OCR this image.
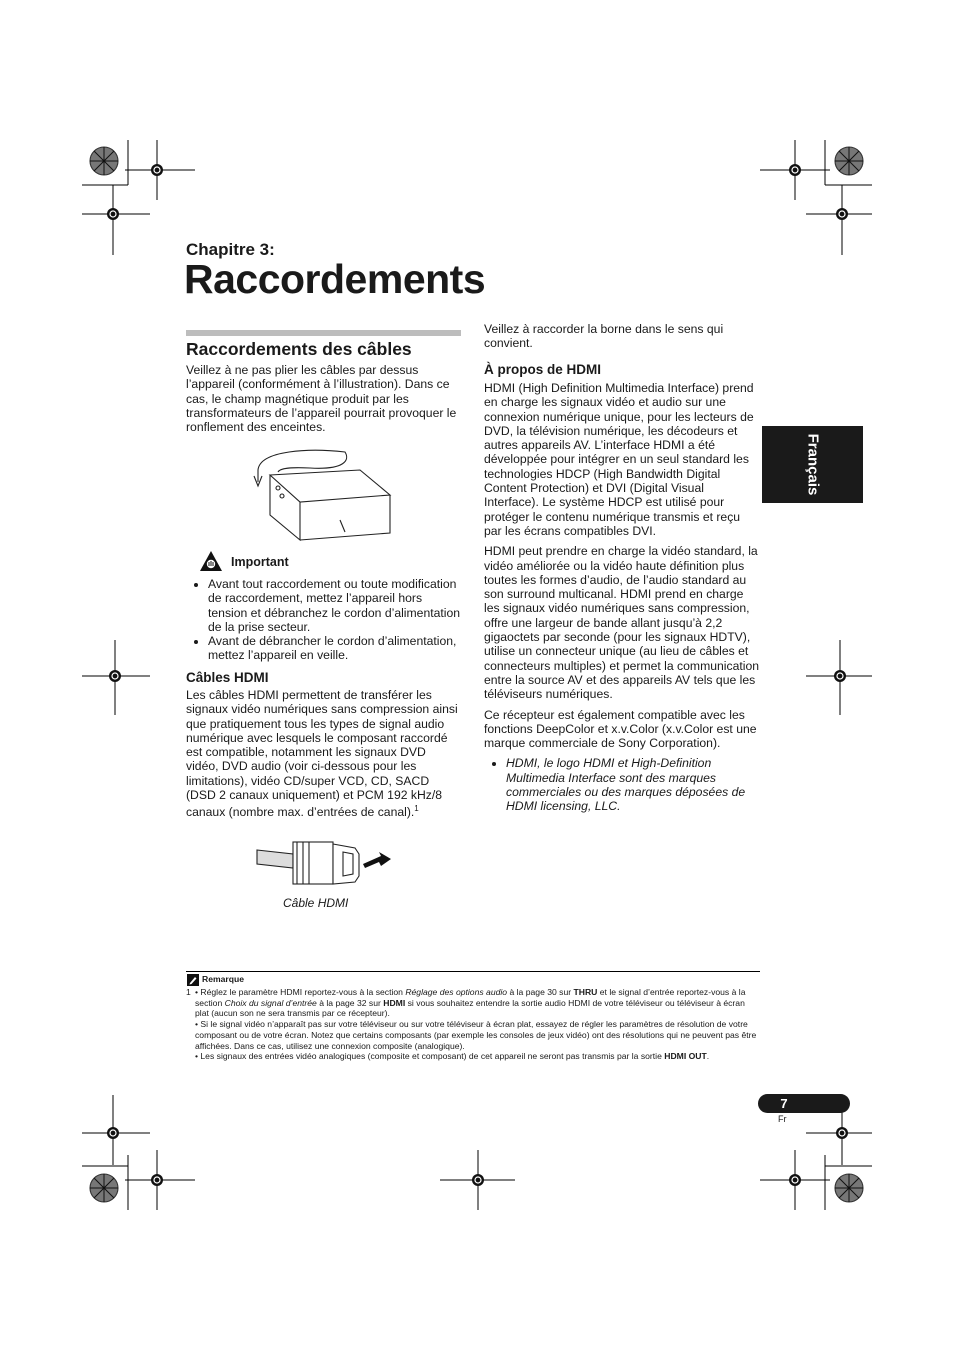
Chapitre 3:
Raccordements
Français
Raccordements des câbles

Veillez à ne pas plier les câbles par dessus l’appareil (conformément à l’illustration). Dans ce cas, le champ magnétique produit par les transformateurs de l’appareil pourrait provoquer le ronflement des enceintes.

Important
• Avant tout raccordement ou toute modification de raccordement, mettez l’appareil hors tension et débranchez le cordon d’alimentation de la prise secteur.
• Avant de débrancher le cordon d’alimentation, mettez l’appareil en veille.
Câbles HDMI
Les câbles HDMI permettent de transférer les signaux vidéo numériques sans compression ainsi que pratiquement tous les types de signal audio numérique avec lesquels le composant raccordé est compatible, notamment les signaux DVD vidéo, DVD audio (voir ci-dessous pour les limitations), vidéo CD/super VCD, CD, SACD (DSD 2 canaux uniquement) et PCM 192 kHz/8 canaux (nombre max. d’entrées de canal).$^1$
Câble HDMI

Veillez à raccorder la borne dans le sens qui convient.

À propos de HDMI

HDMI (High Definition Multimedia Interface) prend en charge les signaux vidéo et audio sur une connexion numérique unique, pour les lecteurs de DVD, la télévision numérique, les décodeurs et autres appareils AV. L’interface HDMI a été développée pour intégrer en un seul standard les technologies HDCP (High Bandwidth Digital Content Protection) et DVI (Digital Visual Interface). Le système HDCP est utilisé pour protéger le contenu numérique transmis et reçu par les écrans compatibles DVI.

HDMI peut prendre en charge la vidéo standard, la vidéo améliorée ou la vidéo haute définition plus toutes les formes d’audio, de l’audio standard au son surround multicanal. HDMI prend en charge les signaux vidéo numériques sans compression, offre une largeur de bande allant jusqu’à 2,2 gigaoctets par seconde (pour les signaux HDTV), utilise un connecteur unique (au lieu de câbles et connecteurs multiples) et permet la communication entre la source AV et des appareils AV tels que les téléviseurs numériques.

Ce récepteur est également compatible avec les fonctions DeepColor et x.v.Color (x.v.Color est une marque commerciale de Sony Corporation).

• HDMI, le logo HDMI et High-Definition Multimedia Interface sont des marques commerciales ou des marques déposées de HDMI licensing, LLC.
Remarque
1 • Réglez le paramètre HDMI reportez-vous à la section Réglage des options audio à la page 30 sur THRU et le signal d’entrée reportez-vous à la section Choix du signal d’entrée à la page 32 sur HDMI si vous souhaitez entendre la sortie audio HDMI de votre téléviseur ou téléviseur à écran plat (aucun son ne sera transmis par ce récepteur).
• Si le signal vidéo n’apparaît pas sur votre téléviseur ou sur votre téléviseur à écran plat, essayez de régler les paramètres de résolution de votre composant ou de votre écran. Notez que certains composants (par exemple les consoles de jeux vidéo) ont des résolutions qui ne peuvent pas être affichées. Dans ce cas, utilisez une connexion composite (analogique).
• Les signaux des entrées vidéo analogiques (composite et composant) de cet appareil ne seront pas transmis par la sortie HDMI OUT.
7
Fr
